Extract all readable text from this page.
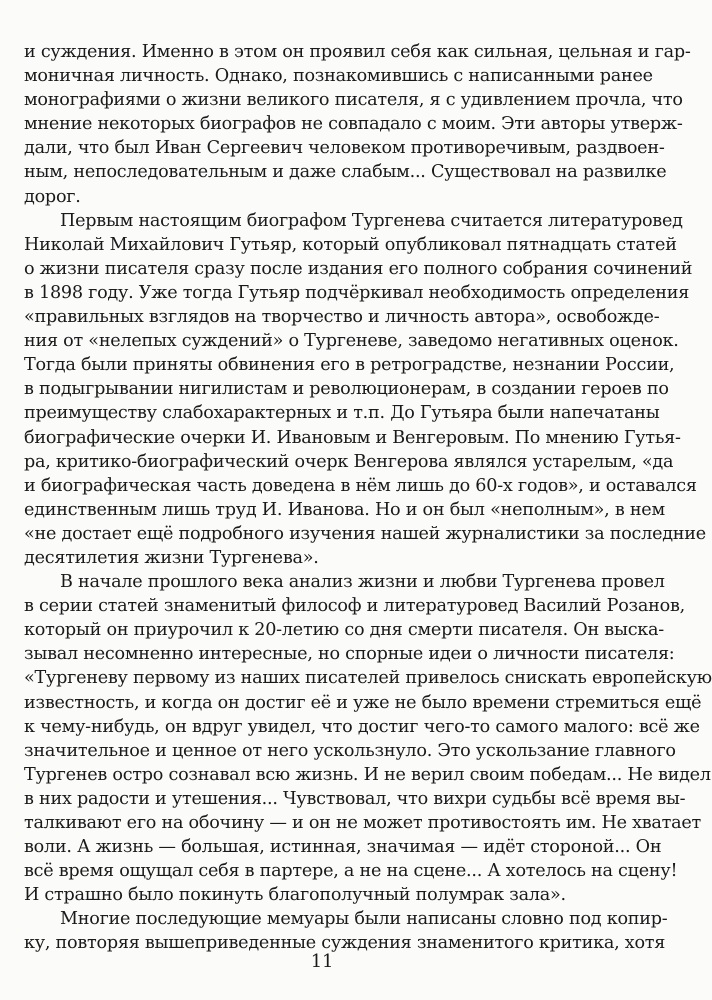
и суждения. Именно в этом он проявил себя как сильная, цельная и гар-
моничная личность. Однако, познакомившись с написанными ранее
монографиями о жизни великого писателя, я с удивлением прочла, что
мнение некоторых биографов не совпадало с моим. Эти авторы утверж-
дали, что был Иван Сергеевич человеком противоречивым, раздвоен-
ным, непоследовательным и даже слабым... Существовал на развилке
дорог.
Первым настоящим биографом Тургенева считается литературовед
Николай Михайлович Гутьяр, который опубликовал пятнадцать статей
о жизни писателя сразу после издания его полного собрания сочинений
в 1898 году. Уже тогда Гутьяр подчёркивал необходимость определения
«правильных взглядов на творчество и личность автора», освобожде-
ния от «нелепых суждений» о Тургеневе, заведомо негативных оценок.
Тогда были приняты обвинения его в ретроградстве, незнании России,
в подыгрывании нигилистам и революционерам, в создании героев по
преимуществу слабохарактерных и т.п. До Гутьяра были напечатаны
биографические очерки И. Ивановым и Венгеровым. По мнению Гутья-
ра, критико-биографический очерк Венгерова являлся устарелым, «да
и биографическая часть доведена в нём лишь до 60-х годов», и оставался
единственным лишь труд И. Иванова. Но и он был «неполным», в нем
«не достает ещё подробного изучения нашей журналистики за последние
десятилетия жизни Тургенева».
В начале прошлого века анализ жизни и любви Тургенева провел
в серии статей знаменитый философ и литературовед Василий Розанов,
который он приурочил к 20-летию со дня смерти писателя. Он выска-
зывал несомненно интересные, но спорные идеи о личности писателя:
«Тургеневу первому из наших писателей привелось снискать европейскую
известность, и когда он достиг её и уже не было времени стремиться ещё
к чему-нибудь, он вдруг увидел, что достиг чего-то самого малого: всё же
значительное и ценное от него ускользнуло. Это ускользание главного
Тургенев остро сознавал всю жизнь. И не верил своим победам... Не видел
в них радости и утешения... Чувствовал, что вихри судьбы всё время вы-
талкивают его на обочину — и он не может противостоять им. Не хватает
воли. А жизнь — большая, истинная, значимая — идёт стороной... Он
всё время ощущал себя в партере, а не на сцене... А хотелось на сцену!
И страшно было покинуть благополучный полумрак зала».
Многие последующие мемуары были написаны словно под копир-
ку, повторяя вышеприведенные суждения знаменитого критика, хотя
11
